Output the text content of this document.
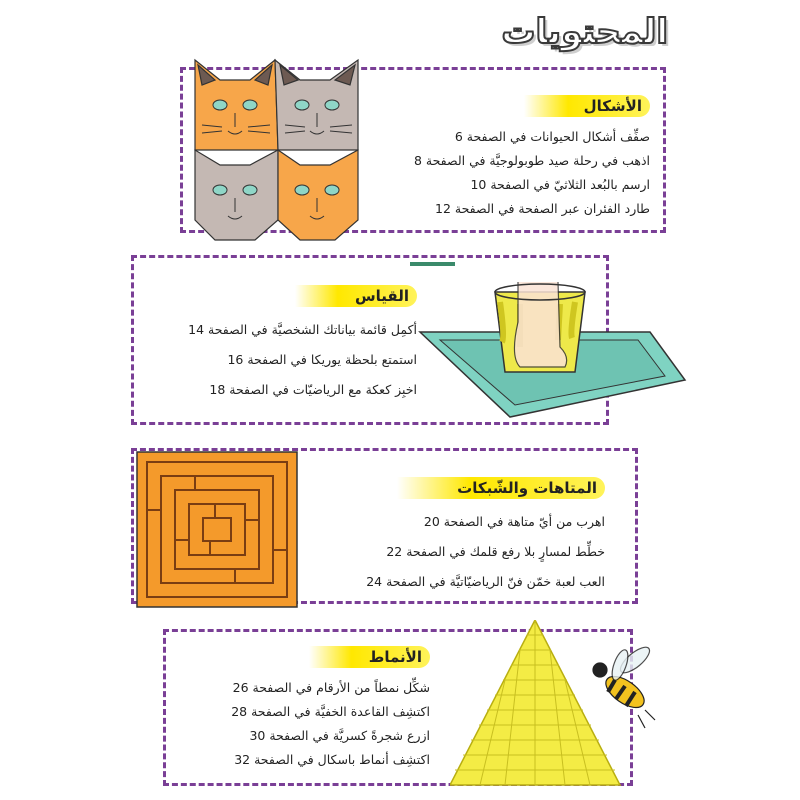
المحتويات
الأشكال
صفِّف أشكال الحيوانات في الصفحة 6
اذهب في رحلة صيد طوبولوجيَّة في الصفحة 8
ارسم بالبُعد الثلاثيّ في الصفحة 10
طارد الفئران عبر الصفحة في الصفحة 12
القياس
أكمِل قائمة بياناتك الشخصيَّة في الصفحة 14
استمتع بلحظة يوريكا في الصفحة 16
اخبِز كعكة مع الرياضيّات في الصفحة 18
المتاهات والشّبكات
اهرب من أيّ متاهة في الصفحة 20
خطِّط لمسارٍ بلا رفع قلمك في الصفحة 22
العب لعبة خمّن فنّ الرياضيّاتيَّة في الصفحة 24
الأنماط
شكِّل نمطاً من الأرقام في الصفحة 26
اكتشِف القاعدة الخفيَّة في الصفحة 28
ازرع شجرةً كسريَّة في الصفحة 30
اكتشِف أنماط باسكال في الصفحة 32
